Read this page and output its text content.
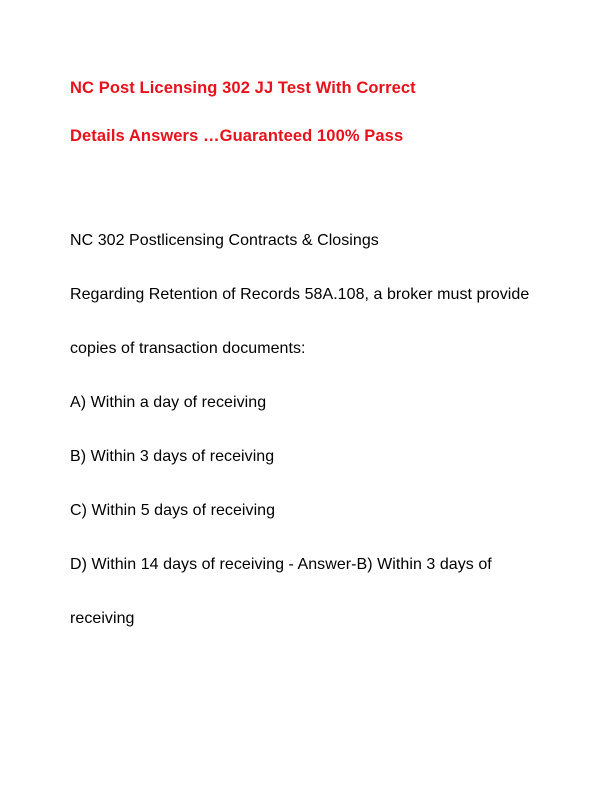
NC Post Licensing 302 JJ Test With Correct
Details Answers …Guaranteed 100% Pass

NC 302 Postlicensing Contracts & Closings

Regarding Retention of Records 58A.108, a broker must provide copies of transaction documents:

A) Within a day of receiving

B) Within 3 days of receiving

C) Within 5 days of receiving

D) Within 14 days of receiving - Answer-B) Within 3 days of receiving
